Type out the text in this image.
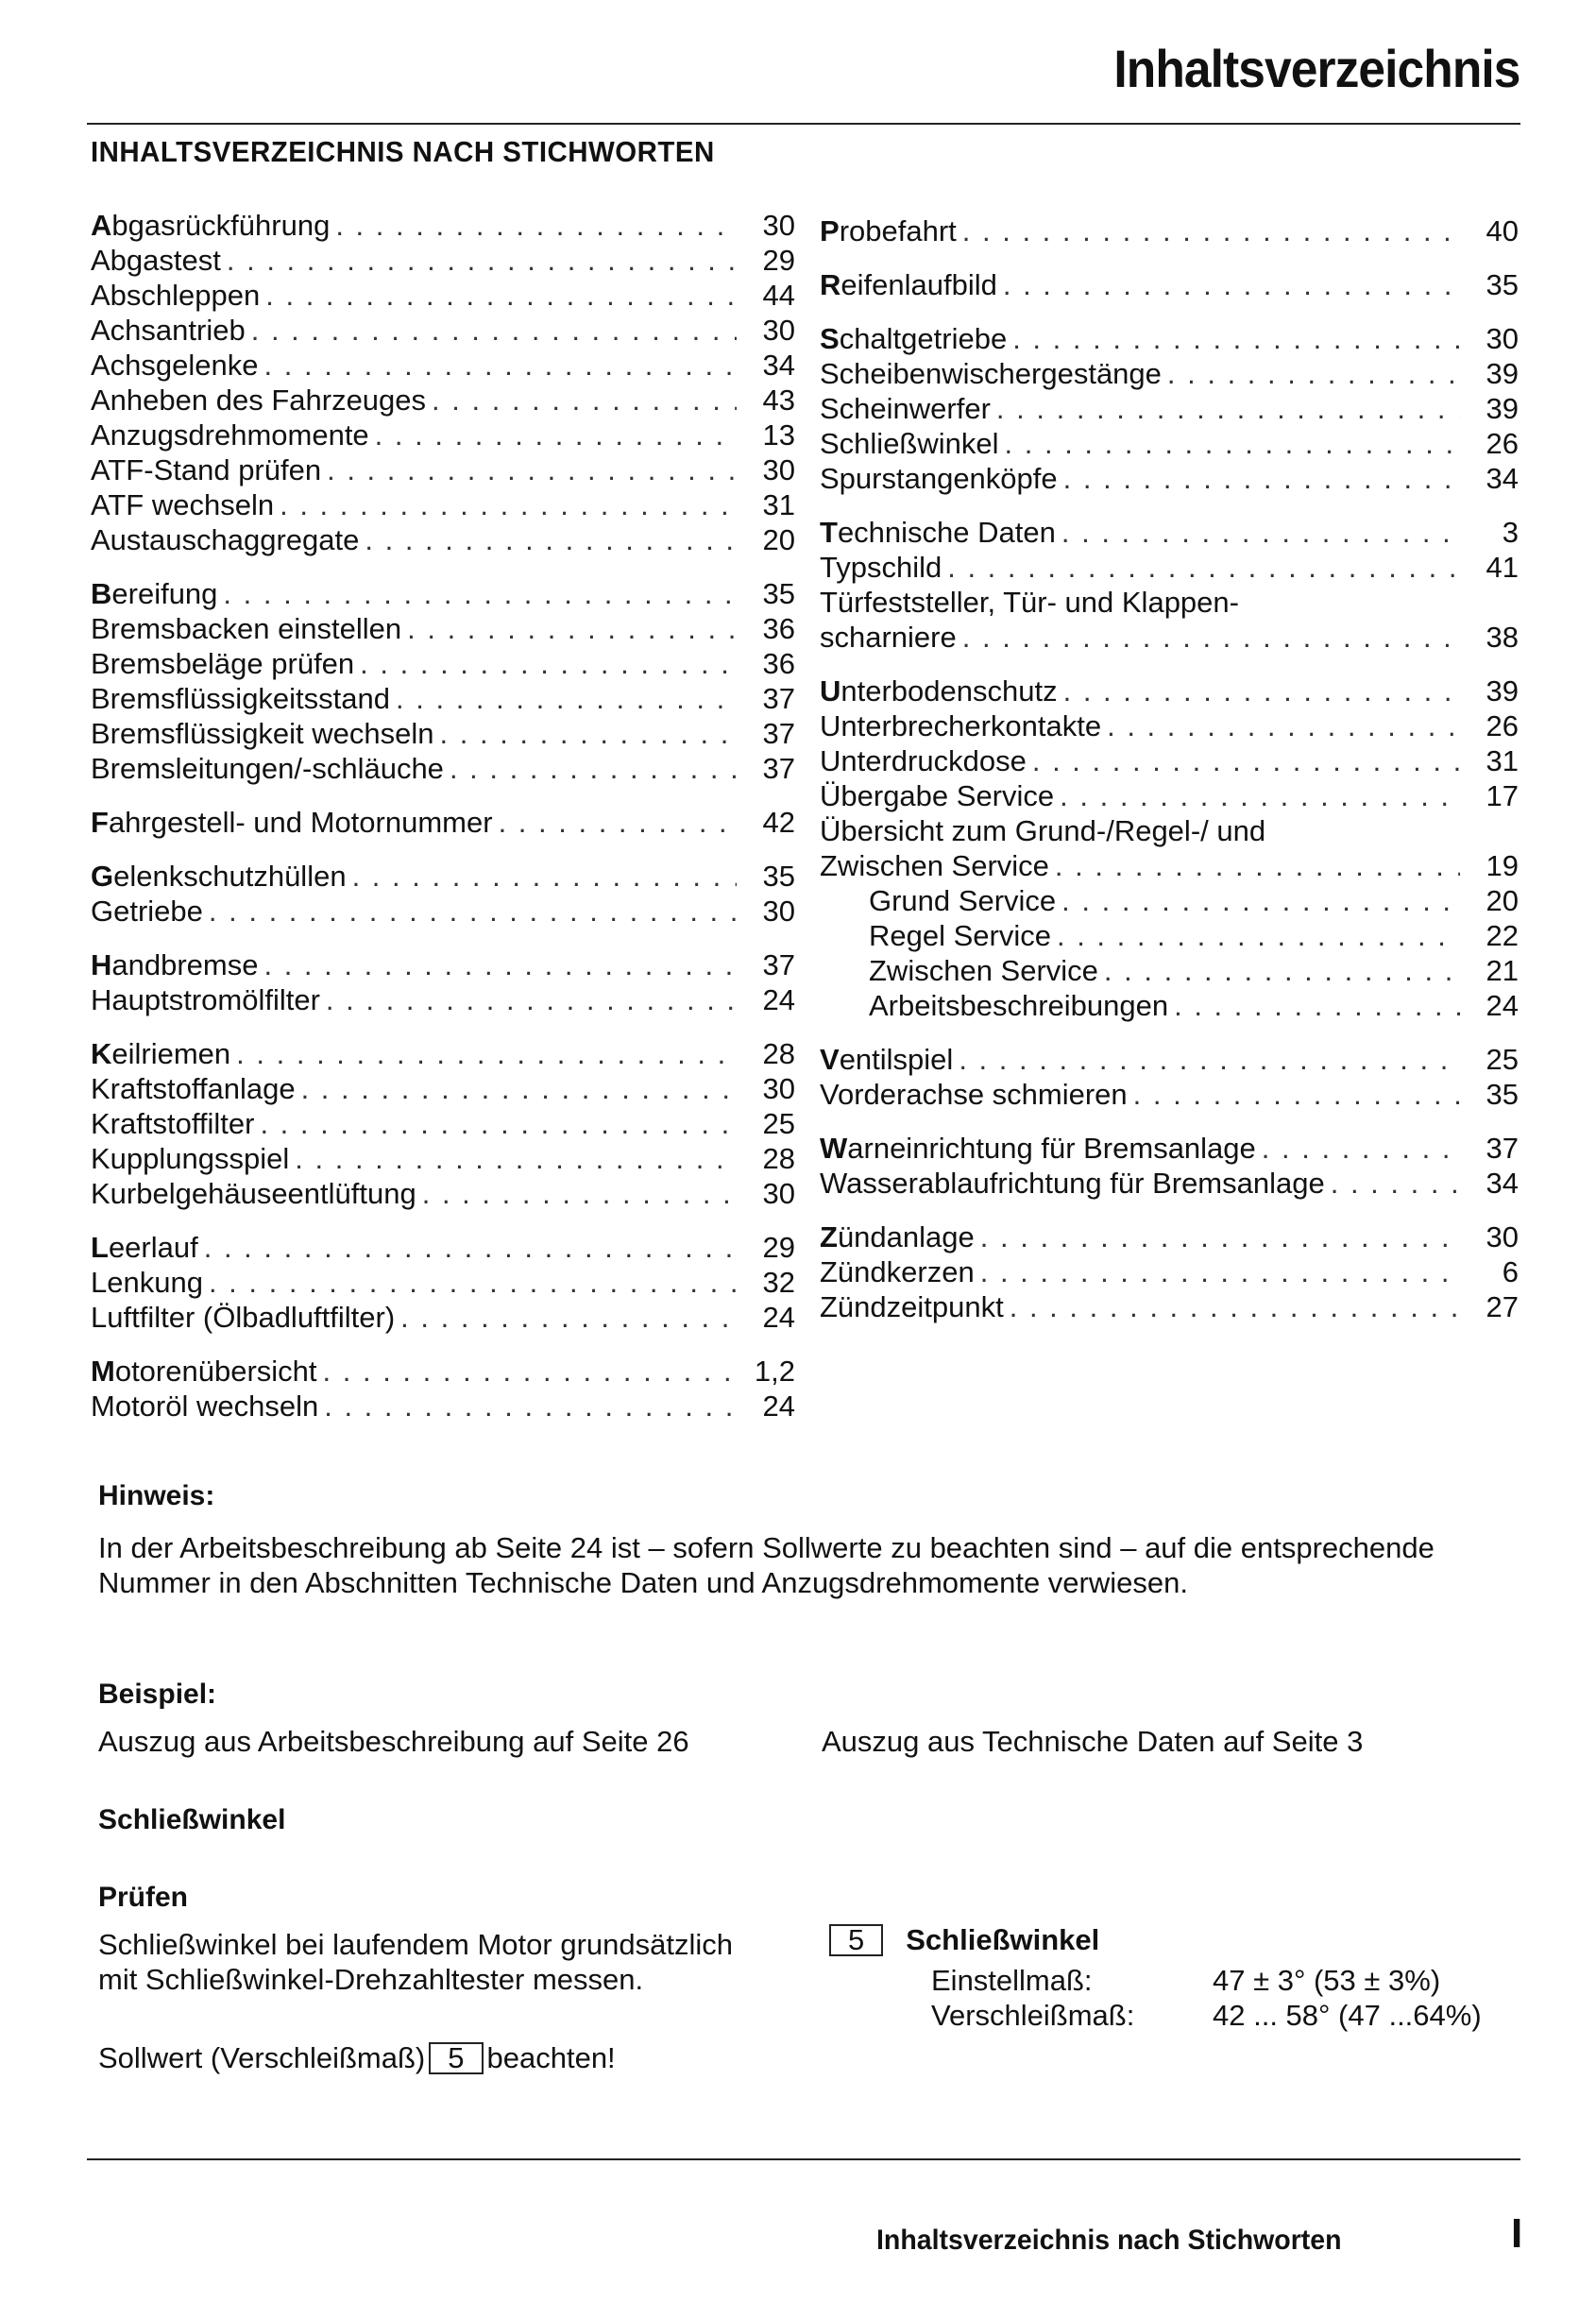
Inhaltsverzeichnis
INHALTSVERZEICHNIS NACH STICHWORTEN
Abgasrückführung . . .	30
Abgastest . . .	29
Abschleppen . . .	44
Achsantrieb . . .	30
Achsgelenke . . .	34
Anheben des Fahrzeuges . . .	43
Anzugsdrehmomente . . .	13
ATF-Stand prüfen . . .	30
ATF wechseln . . .	31
Austauschaggregate . . .	20
Bereifung . . .	35
Bremsbacken einstellen . . .	36
Bremsbeläge prüfen . . .	36
Bremsflüssigkeitsstand . . .	37
Bremsflüssigkeit wechseln . . .	37
Bremsleitungen/-schläuche . . .	37
Fahrgestell- und Motornummer . . .	42
Gelenkschutzhüllen . . .	35
Getriebe . . .	30
Handbremse . . .	37
Hauptstromölfilter . . .	24
Keilriemen . . .	28
Kraftstoffanlage . . .	30
Kraftstoffilter . . .	25
Kupplungsspiel . . .	28
Kurbelgehäuseentlüftung . . .	30
Leerlauf . . .	29
Lenkung . . .	32
Luftfilter (Ölbadluftfilter) . . .	24
Motorenübersicht . . .	1,2
Motoröl wechseln . . .	24
Probefahrt . . .	40
Reifenlaufbild . . .	35
Schaltgetriebe . . .	30
Scheibenwischergestänge . . .	39
Scheinwerfer . . .	39
Schließwinkel . . .	26
Spurstangenköpfe . . .	34
Technische Daten . . .	3
Typschild . . .	41
Türfeststeller, Tür- und Klappen-
scharniere . . .	38
Unterbodenschutz . . .	39
Unterbrecherkontakte . . .	26
Unterdruckdose . . .	31
Übergabe Service . . .	17
Übersicht zum Grund-/Regel-/ und
Zwischen Service . . .	19
Grund Service . . .	20
Regel Service . . .	22
Zwischen Service . . .	21
Arbeitsbeschreibungen . . .	24
Ventilspiel . . .	25
Vorderachse schmieren . . .	35
Warneinrichtung für Bremsanlage . . .	37
Wasserablaufrichtung für Bremsanlage . . .	34
Zündanlage . . .	30
Zündkerzen . . .	6
Zündzeitpunkt . . .	27
Hinweis:
In der Arbeitsbeschreibung ab Seite 24 ist – sofern Sollwerte zu beachten sind – auf die entsprechende Nummer in den Abschnitten Technische Daten und Anzugsdrehmomente verwiesen.
Beispiel:
Auszug aus Arbeitsbeschreibung auf Seite 26	Auszug aus Technische Daten auf Seite 3
Schließwinkel
Prüfen
Schließwinkel bei laufendem Motor grundsätzlich mit Schließwinkel-Drehzahltester messen.
Sollwert (Verschleißmaß) 5 beachten!
5	Schließwinkel
Einstellmaß:	47 ± 3° (53 ± 3%)
Verschleißmaß:	42 ... 58° (47 ...64%)
Inhaltsverzeichnis nach Stichworten	I
